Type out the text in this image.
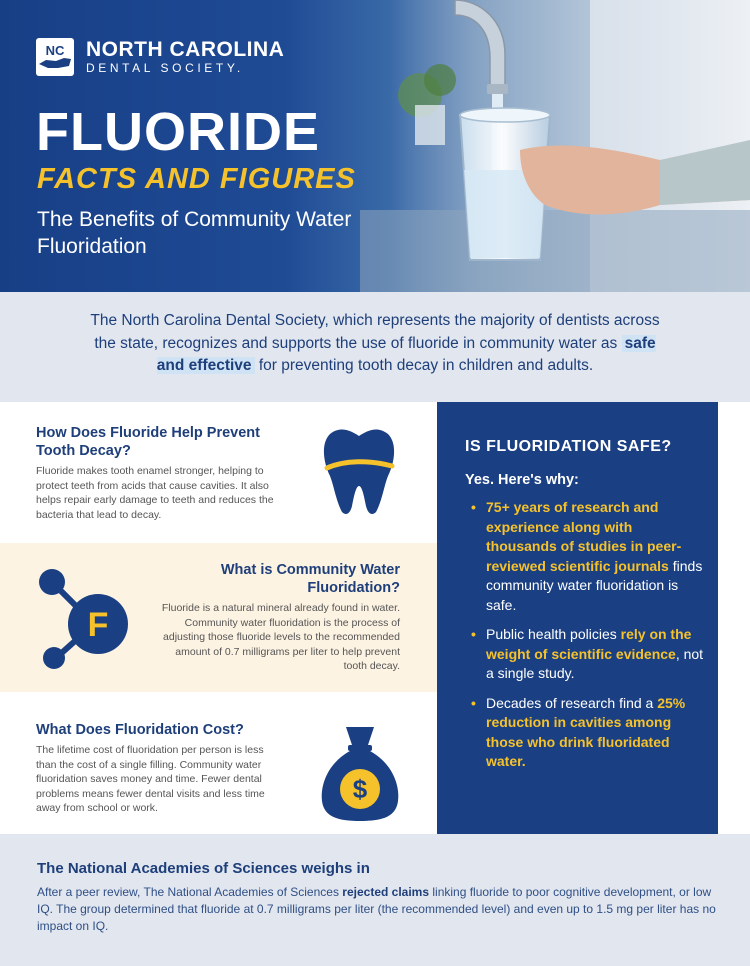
NC NORTH CAROLINA
DENTAL SOCIETY.
FLUORIDE
FACTS AND FIGURES
The Benefits of Community Water Fluoridation

The North Carolina Dental Society, which represents the majority of dentists across the state, recognizes and supports the use of fluoride in community water as safe and effective for preventing tooth decay in children and adults.

How Does Fluoride Help Prevent Tooth Decay?
Fluoride makes tooth enamel stronger, helping to protect teeth from acids that cause cavities. It also helps repair early damage to teeth and reduces the bacteria that lead to decay.
F
What is Community Water Fluoridation?
Fluoride is a natural mineral already found in water. Community water fluoridation is the process of adjusting those fluoride levels to the recommended amount of 0.7 milligrams per liter to help prevent tooth decay.
What Does Fluoridation Cost?
The lifetime cost of fluoridation per person is less than the cost of a single filling. Community water fluoridation saves money and time. Fewer dental problems means fewer dental visits and less time away from school or work.
$
IS FLUORIDATION SAFE?
Yes. Here's why:
• 75+ years of research and experience along with thousands of studies in peer-reviewed scientific journals finds community water fluoridation is safe.
• Public health policies rely on the weight of scientific evidence, not a single study.
• Decades of research find a 25% reduction in cavities among those who drink fluoridated water.
The National Academies of Sciences weighs in

After a peer review, The National Academies of Sciences rejected claims linking fluoride to poor cognitive development, or low IQ. The group determined that fluoride at 0.7 milligrams per liter (the recommended level) and even up to 1.5 mg per liter has no impact on IQ.
